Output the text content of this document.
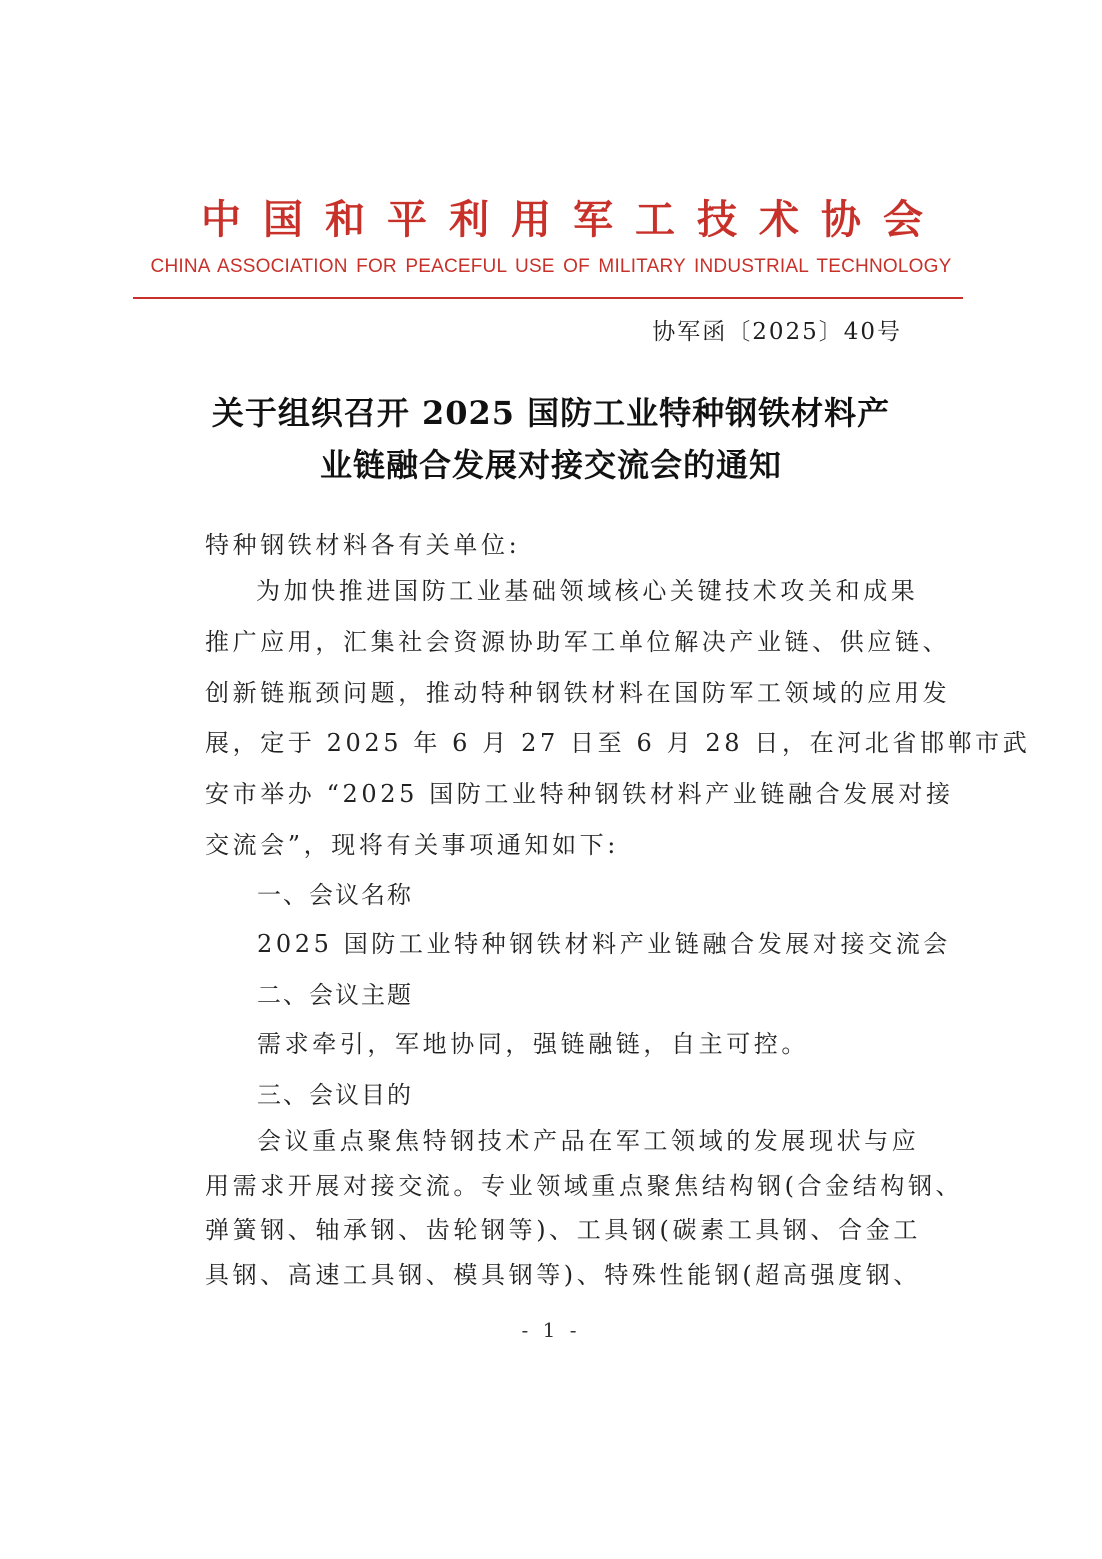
中国和平利用军工技术协会
CHINA ASSOCIATION FOR PEACEFUL USE OF MILITARY INDUSTRIAL TECHNOLOGY
协军函〔2025〕40号
关于组织召开 2025 国防工业特种钢铁材料产
业链融合发展对接交流会的通知
特种钢铁材料各有关单位:
为加快推进国防工业基础领域核心关键技术攻关和成果
推广应用，汇集社会资源协助军工单位解决产业链、供应链、
创新链瓶颈问题，推动特种钢铁材料在国防军工领域的应用发
展，定于 2025 年 6 月 27 日至 6 月 28 日，在河北省邯郸市武
安市举办 “2025 国防工业特种钢铁材料产业链融合发展对接
交流会”，现将有关事项通知如下:
一、会议名称
2025 国防工业特种钢铁材料产业链融合发展对接交流会
二、会议主题
需求牵引，军地协同，强链融链，自主可控。
三、会议目的
会议重点聚焦特钢技术产品在军工领域的发展现状与应
用需求开展对接交流。专业领域重点聚焦结构钢(合金结构钢、
弹簧钢、轴承钢、齿轮钢等)、工具钢(碳素工具钢、合金工
具钢、高速工具钢、模具钢等)、特殊性能钢(超高强度钢、
- 1 -
